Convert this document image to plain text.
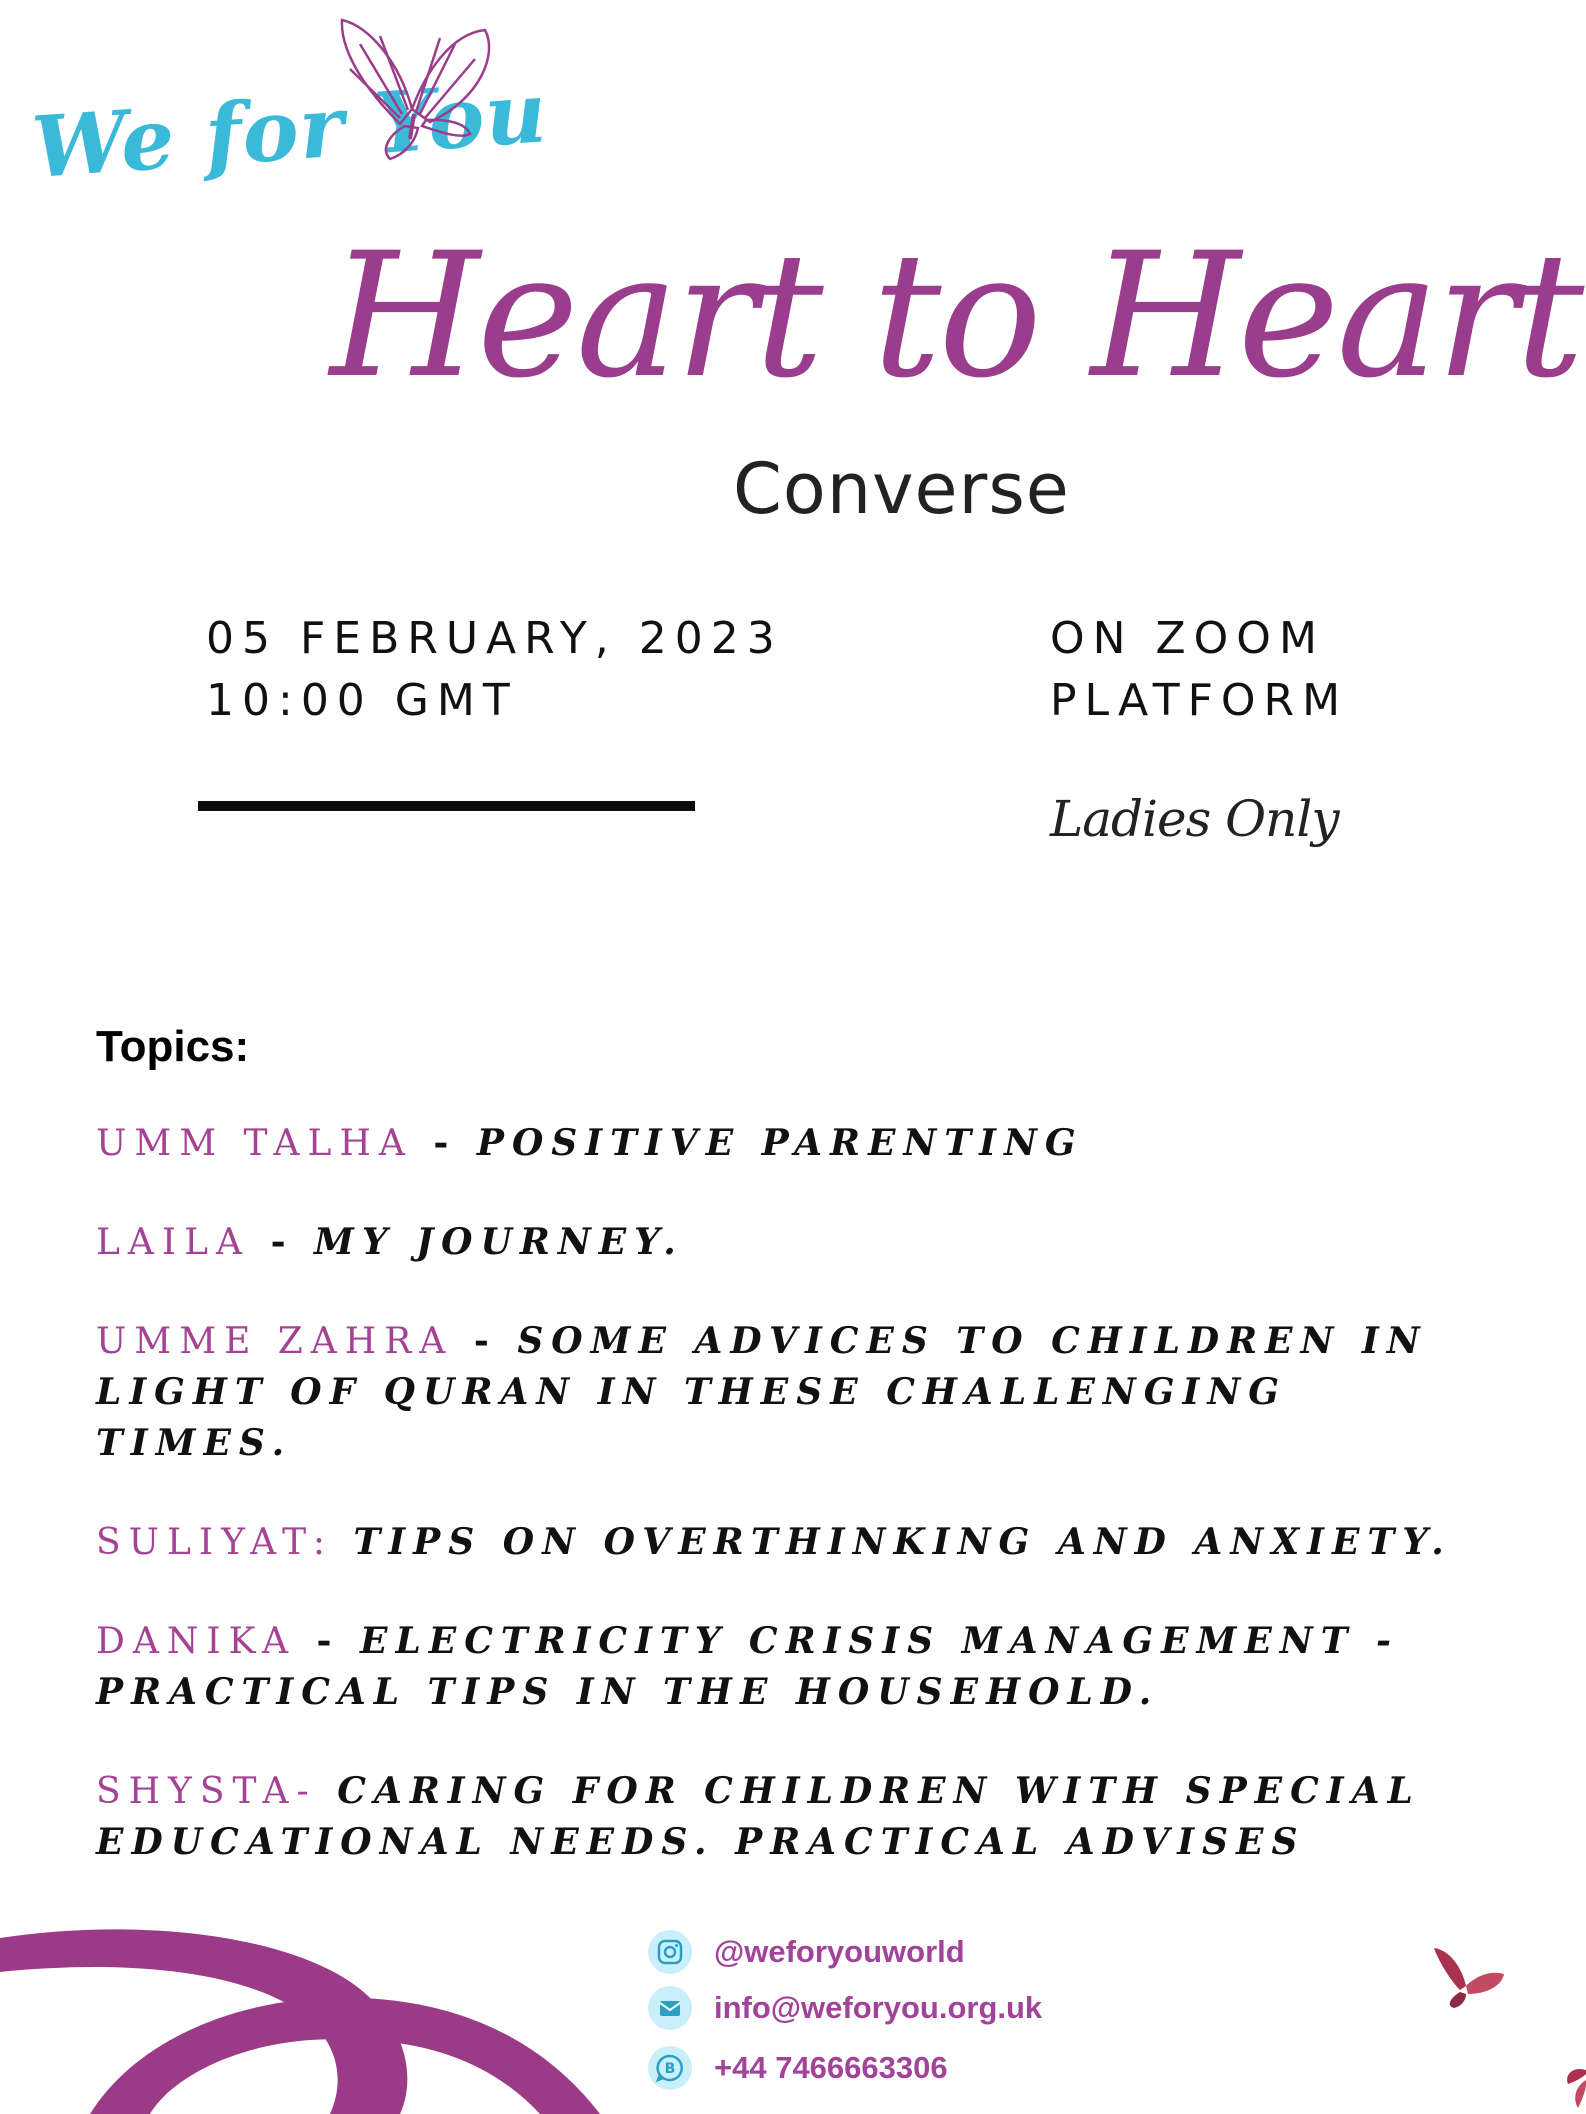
We for You
Heart to Heart
Converse
05 FEBRUARY, 2023
10:00 GMT
ON ZOOM
PLATFORM
Ladies Only
Topics:
UMM TALHA - POSITIVE PARENTING
LAILA - MY JOURNEY.
UMME ZAHRA - SOME ADVICES TO CHILDREN IN LIGHT OF QURAN IN THESE CHALLENGING TIMES.
SULIYAT: TIPS ON OVERTHINKING AND ANXIETY.
DANIKA - ELECTRICITY CRISIS MANAGEMENT - PRACTICAL TIPS IN THE HOUSEHOLD.
SHYSTA- CARING FOR CHILDREN WITH SPECIAL EDUCATIONAL NEEDS. PRACTICAL ADVISES
@weforyouworld
info@weforyou.org.uk
B +44 7466663306
